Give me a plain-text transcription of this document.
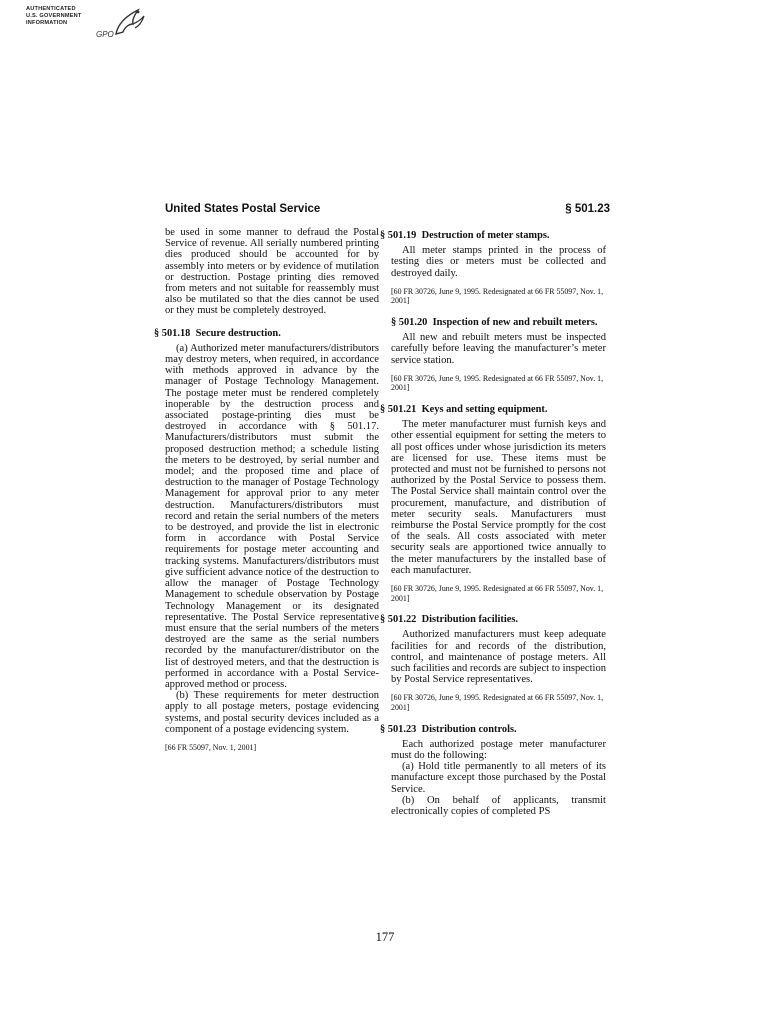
AUTHENTICATED
U.S. GOVERNMENT
INFORMATION
GPO
United States Postal Service	§ 501.23

be used in some manner to defraud the Postal Service of revenue. All serially numbered printing dies produced should be accounted for by assembly into meters or by evidence of mutilation or destruction. Postage printing dies removed from meters and not suitable for reassembly must also be mutilated so that the dies cannot be used or they must be completely destroyed.

§ 501.18 Secure destruction.

(a) Authorized meter manufacturers/distributors may destroy meters, when required, in accordance with methods approved in advance by the manager of Postage Technology Management. The postage meter must be rendered completely inoperable by the destruction process and associated postage-printing dies must be destroyed in accordance with § 501.17. Manufacturers/distributors must submit the proposed destruction method; a schedule listing the meters to be destroyed, by serial number and model; and the proposed time and place of destruction to the manager of Postage Technology Management for approval prior to any meter destruction. Manufacturers/distributors must record and retain the serial numbers of the meters to be destroyed, and provide the list in electronic form in accordance with Postal Service requirements for postage meter accounting and tracking systems. Manufacturers/distributors must give sufficient advance notice of the destruction to allow the manager of Postage Technology Management to schedule observation by Postage Technology Management or its designated representative. The Postal Service representative must ensure that the serial numbers of the meters destroyed are the same as the serial numbers recorded by the manufacturer/distributor on the list of destroyed meters, and that the destruction is performed in accordance with a Postal Service-approved method or process.

(b) These requirements for meter destruction apply to all postage meters, postage evidencing systems, and postal security devices included as a component of a postage evidencing system.

[66 FR 55097, Nov. 1, 2001]
§ 501.19 Destruction of meter stamps.

All meter stamps printed in the process of testing dies or meters must be collected and destroyed daily.

[60 FR 30726, June 9, 1995. Redesignated at 66 FR 55097, Nov. 1, 2001]
§ 501.20 Inspection of new and rebuilt meters.

All new and rebuilt meters must be inspected carefully before leaving the manufacturer’s meter service station.

[60 FR 30726, June 9, 1995. Redesignated at 66 FR 55097, Nov. 1, 2001]
§ 501.21 Keys and setting equipment.

The meter manufacturer must furnish keys and other essential equipment for setting the meters to all post offices under whose jurisdiction its meters are licensed for use. These items must be protected and must not be furnished to persons not authorized by the Postal Service to possess them. The Postal Service shall maintain control over the procurement, manufacture, and distribution of meter security seals. Manufacturers must reimburse the Postal Service promptly for the cost of the seals. All costs associated with meter security seals are apportioned twice annually to the meter manufacturers by the installed base of each manufacturer.

[60 FR 30726, June 9, 1995. Redesignated at 66 FR 55097, Nov. 1, 2001]
§ 501.22 Distribution facilities.

Authorized manufacturers must keep adequate facilities for and records of the distribution, control, and maintenance of postage meters. All such facilities and records are subject to inspection by Postal Service representatives.

[60 FR 30726, June 9, 1995. Redesignated at 66 FR 55097, Nov. 1, 2001]
§ 501.23 Distribution controls.

Each authorized postage meter manufacturer must do the following:

(a) Hold title permanently to all meters of its manufacture except those purchased by the Postal Service.

(b) On behalf of applicants, transmit electronically copies of completed PS

177
